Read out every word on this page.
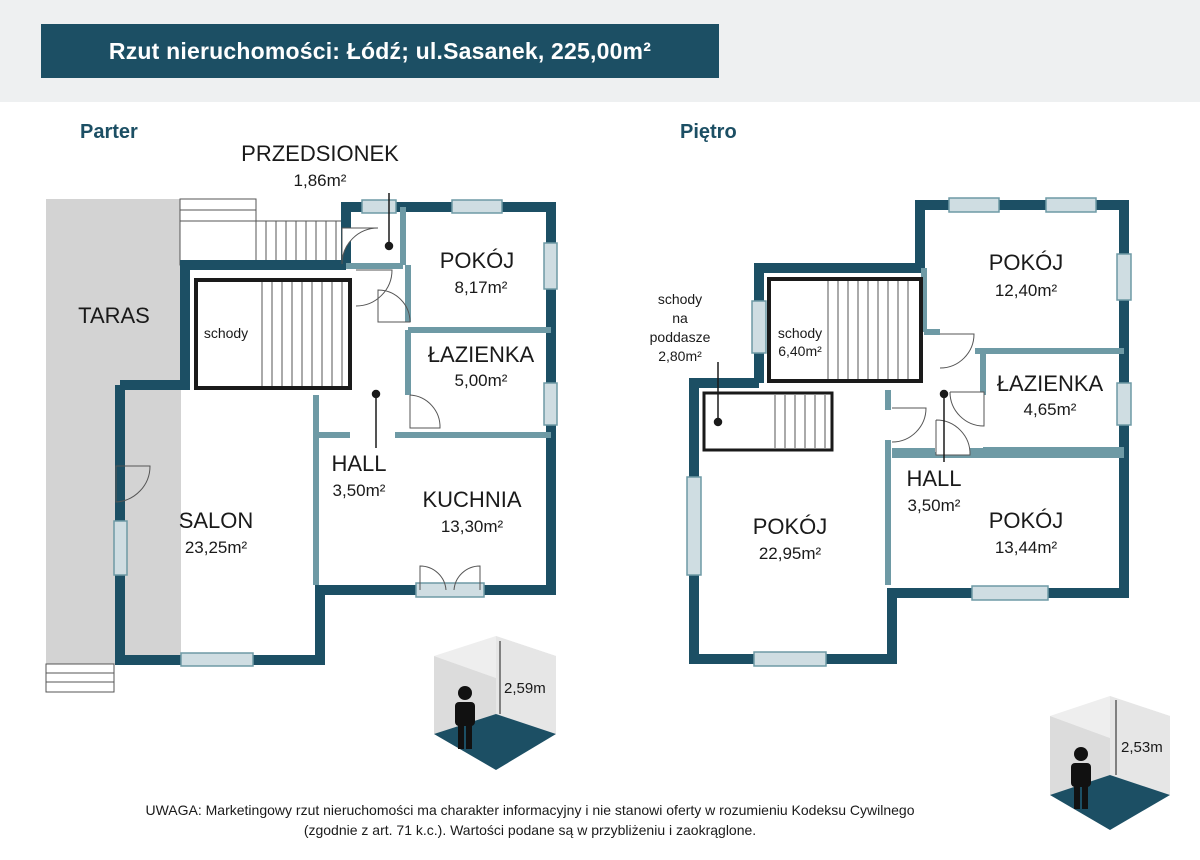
Rzut nieruchomości: Łódź; ul.Sasanek, 225,00m²
Parter	Piętro
PRZEDSIONEK
1,86m²
POKÓJ
8,17m²
ŁAZIENKA
5,00m²
HALL
3,50m² KUCHNIA
13,30m²
SALON
23,25m²
schody
TARAS
2,59m
POKÓJ
12,40m²
ŁAZIENKA
4,65m²
schody
6,40m²
schody
na
poddasze
2,80m²
HALL
3,50m²
POKÓJ
22,95m²
POKÓJ
13,44m²
2,53m
UWAGA: Marketingowy rzut nieruchomości ma charakter informacyjny i nie stanowi oferty w rozumieniu Kodeksu Cywilnego
(zgodnie z art. 71 k.c.). Wartości podane są w przybliżeniu i zaokrąglone.
